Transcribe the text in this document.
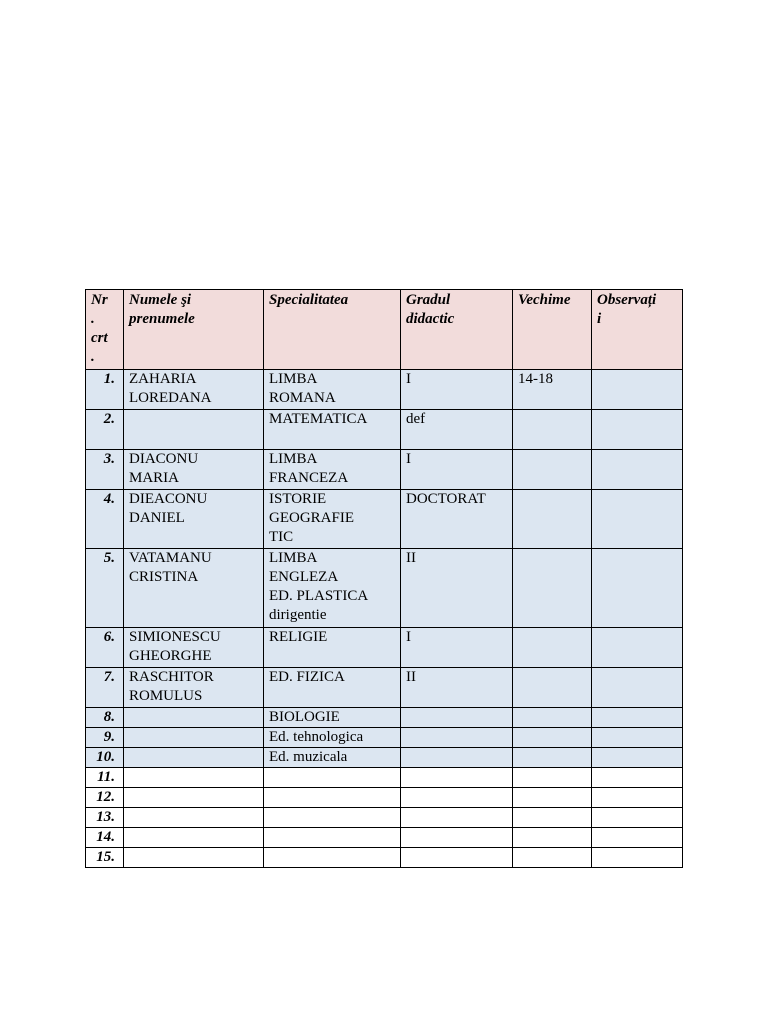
Nr
.
crt
.	Numele şi
prenumele	Specialitatea	Gradul
didactic	Vechime	Observați
i

1.	ZAHARIA
LOREDANA	LIMBA
ROMANA	I	14-18	

2.		MATEMATICA	def		

3.	DIACONU
MARIA	LIMBA
FRANCEZA	I		

4.	DIEACONU
DANIEL	ISTORIE
GEOGRAFIE
TIC	DOCTORAT		

5.	VATAMANU
CRISTINA	LIMBA
ENGLEZA
ED. PLASTICA
dirigentie	II		

6.	SIMIONESCU
GHEORGHE	RELIGIE	I		

7.	RASCHITOR
ROMULUS	ED. FIZICA	II		

8.		BIOLOGIE			

9.		Ed. tehnologica			

10.		Ed. muzicala			

11.					

12.					

13.					

14.					

15.					
